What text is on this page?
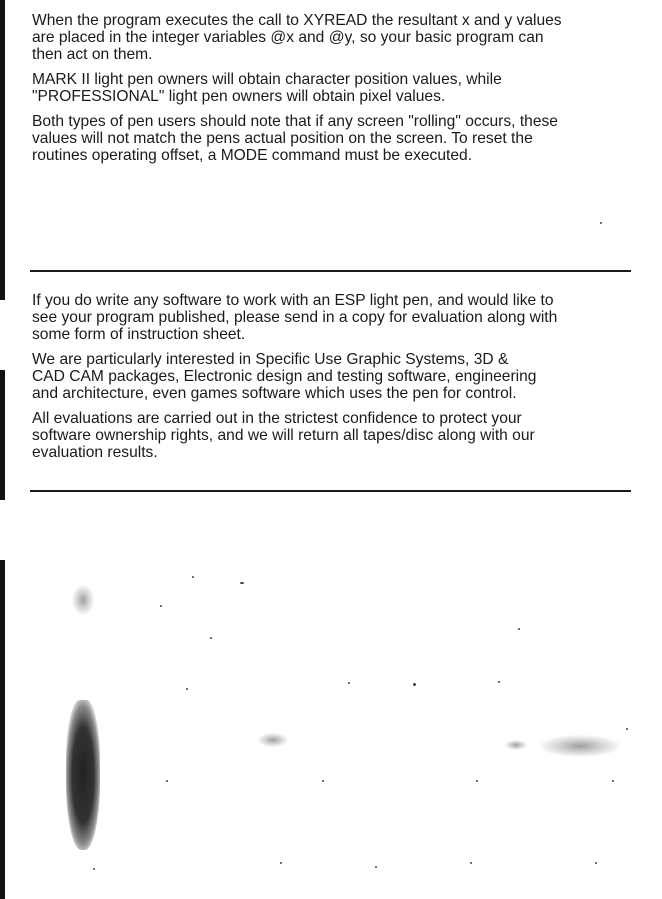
When the program executes the call to XYREAD the resultant x and y values
are placed in the integer variables @x and @y, so your basic program can
then act on them.

MARK II light pen owners will obtain character position values, while
"PROFESSIONAL" light pen owners will obtain pixel values.

Both types of pen users should note that if any screen "rolling" occurs, these
values will not match the pens actual position on the screen. To reset the
routines operating offset, a MODE command must be executed.

If you do write any software to work with an ESP light pen, and would like to
see your program published, please send in a copy for evaluation along with
some form of instruction sheet.

We are particularly interested in Specific Use Graphic Systems, 3D &
CAD CAM packages, Electronic design and testing software, engineering
and architecture, even games software which uses the pen for control.

All evaluations are carried out in the strictest confidence to protect your
software ownership rights, and we will return all tapes/disc along with our
evaluation results.
